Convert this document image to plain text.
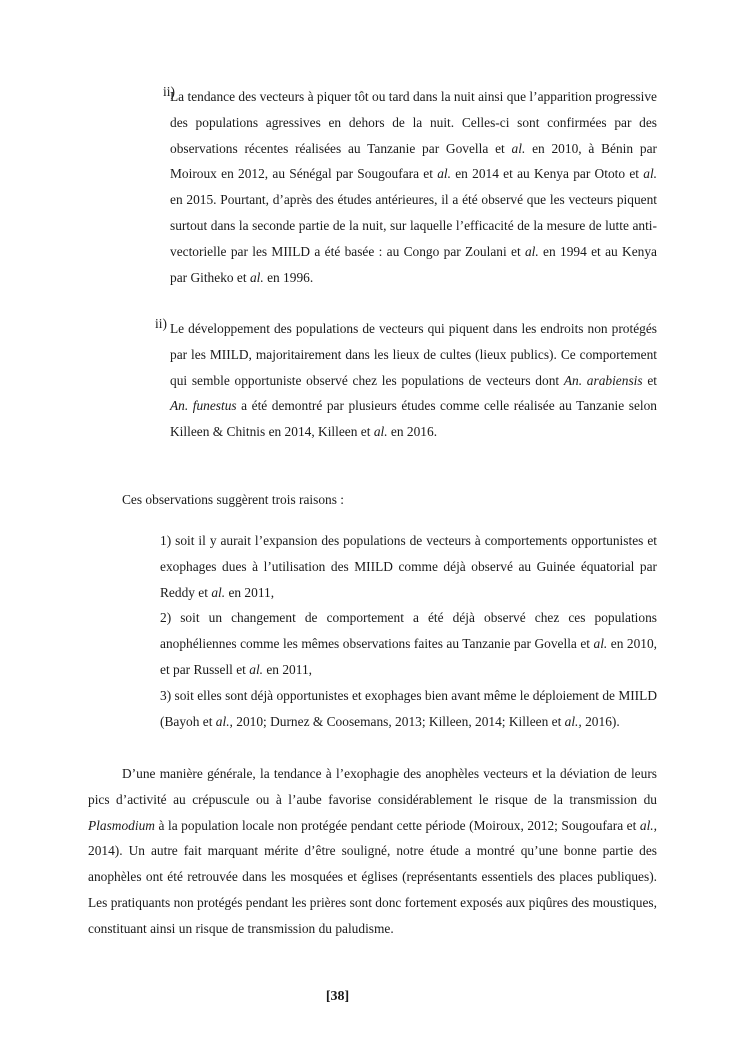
ii)

La tendance des vecteurs à piquer tôt ou tard dans la nuit ainsi que l’apparition progressive des populations agressives en dehors de la nuit. Celles-ci sont confirmées par des observations récentes réalisées au Tanzanie par Govella et al. en 2010, à Bénin par Moiroux en 2012, au Sénégal par Sougoufara et al. en 2014 et au Kenya par Ototo et al. en 2015. Pourtant, d’après des études antérieures, il a été observé que les vecteurs piquent surtout dans la seconde partie de la nuit, sur laquelle l’efficacité de la mesure de lutte anti-vectorielle par les MIILD a été basée : au Congo par Zoulani et al. en 1994 et au Kenya par Githeko et al. en 1996.

ii) Le développement des populations de vecteurs qui piquent dans les endroits non protégés par les MIILD, majoritairement dans les lieux de cultes (lieux publics). Ce comportement qui semble opportuniste observé chez les populations de vecteurs dont An. arabiensis et An. funestus a été demontré par plusieurs études comme celle réalisée au Tanzanie selon Killeen & Chitnis en 2014, Killeen et al. en 2016.

Ces observations suggèrent trois raisons :

1) soit il y aurait l’expansion des populations de vecteurs à comportements opportunistes et exophages dues à l’utilisation des MIILD comme déjà observé au Guinée équatorial par Reddy et al. en 2011,

2) soit un changement de comportement a été déjà observé chez ces populations anophéliennes comme les mêmes observations faites au Tanzanie par Govella et al. en 2010, et par Russell et al. en 2011,

3) soit elles sont déjà opportunistes et exophages bien avant même le déploiement de MIILD (Bayoh et al., 2010; Durnez & Coosemans, 2013; Killeen, 2014; Killeen et al., 2016).

D’une manière générale, la tendance à l’exophagie des anophèles vecteurs et la déviation de leurs pics d’activité au crépuscule ou à l’aube favorise considérablement le risque de la transmission du Plasmodium à la population locale non protégée pendant cette période (Moiroux, 2012; Sougoufara et al., 2014). Un autre fait marquant mérite d’être souligné, notre étude a montré qu’une bonne partie des anophèles ont été retrouvée dans les mosquées et églises (représentants essentiels des places publiques). Les pratiquants non protégés pendant les prières sont donc fortement exposés aux piqûres des moustiques, constituant ainsi un risque de transmission du paludisme.

[38]
